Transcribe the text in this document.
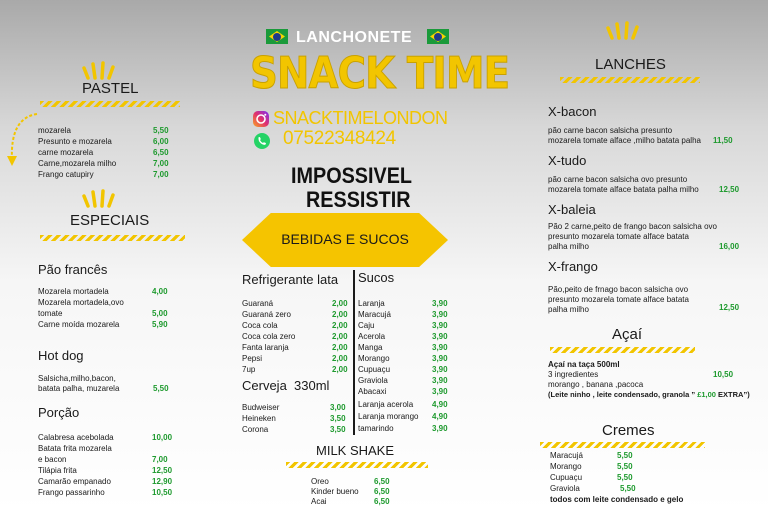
PASTEL
mozarela	5,50
Presunto e mozarela	6,00
carne mozarela	6,50
Carne,mozarela milho	7,00
Frango catupiry	7,00
ESPECIAIS
Pão francês
Mozarela mortadela	4,00
Mozarela mortadela,ovo
tomate	5,00
Carne moída mozarela	5,90
Hot dog
Salsicha,milho,bacon,
batata palha, muzarela	5,50
Porção
Calabresa acebolada	10,00
Batata frita mozarela
e bacon	7,00
Tilápia frita	12,50
Camarão empanado	12,90
Frango passarinho	10,50
LANCHONETE
SNACK TIME
SNACKTIMELONDON
07522348424
IMPOSSIVEL
RESSISTIR
BEBIDAS E SUCOS
Refrigerante lata Sucos
Guaraná	2,00
Guaraná zero	2,00
Coca cola	2,00
Coca cola zero	2,00
Fanta laranja	2,00
Pepsi	2,00
7up	2,00
Cerveja  330ml
Budweiser	3,00
Heineken	3,50
Corona	3,50
Laranja	3,90
Maracujá	3,90
Caju	3,90
Acerola	3,90
Manga	3,90
Morango	3,90
Cupuaçu	3,90
Graviola	3,90
Abacaxi	3,90
Laranja acerola 4,90
Laranja morango 4,90
tamarindo	3,90
MILK SHAKE
Oreo	6,50
Kinder bueno 6,50
Acai	6,50
LANCHES
X-bacon
pão carne bacon salsicha presunto
mozarela tomate alface ,milho batata palha 11,50
X-tudo
pão carne bacon salsicha ovo presunto
mozarela tomate alface batata palha milho	12,50
X-baleia
Pão 2 carne,peito de frango bacon salsicha ovo
presunto mozarela tomate alface batata
palha milho	16,00
X-frango
Pão,peito de frnago bacon salsicha ovo
presunto mozarela tomate alface batata
palha milho	12,50
Açaí
Açaí na taça 500ml
3 ingredientes	10,50
morango , banana ,pacoca
(Leite ninho , leite condensado, granola ” £1,00 EXTRA”)
Cremes
Maracujá	5,50
Morango	5,50
Cupuaçu	5,50
Graviola	5,50
todos com leite condensado e gelo
